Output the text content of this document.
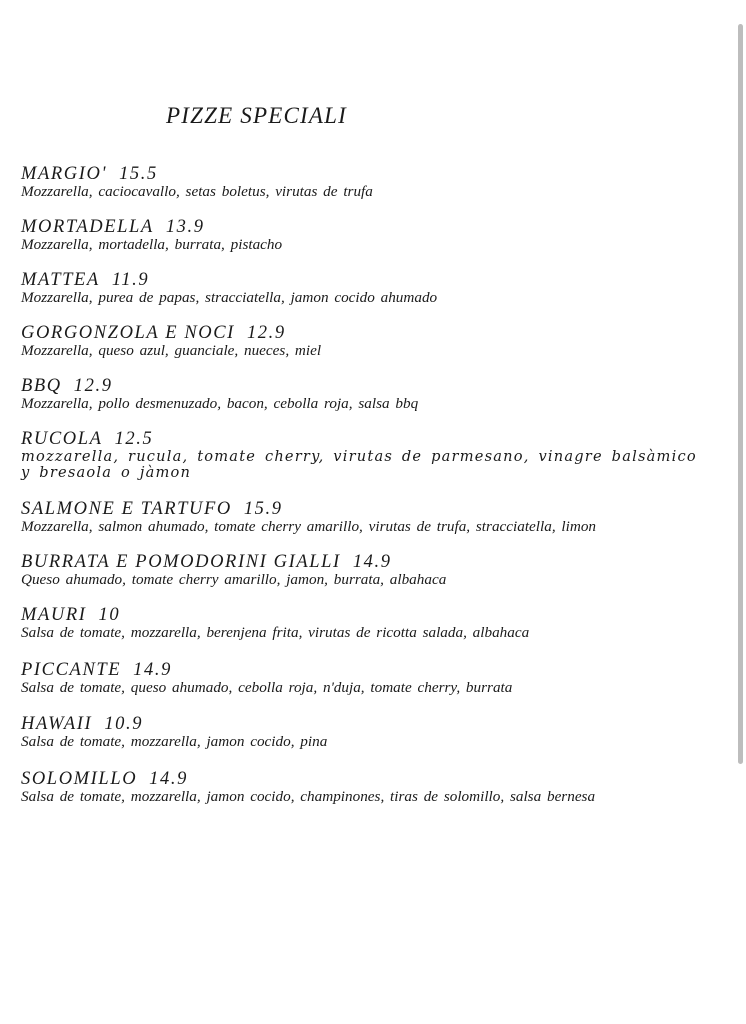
PIZZE SPECIALI
MARGIO' 15.5
Mozzarella, caciocavallo, setas boletus, virutas de trufa
MORTADELLA 13.9
Mozzarella, mortadella, burrata, pistacho
MATTEA 11.9
Mozzarella, purea de papas, stracciatella, jamon cocido ahumado
GORGONZOLA E NOCI 12.9
Mozzarella, queso azul, guanciale, nueces, miel
BBQ 12.9
Mozzarella, pollo desmenuzado, bacon, cebolla roja, salsa bbq
RUCOLA 12.5
mozzarella, rucula, tomate cherry, virutas de parmesano, vinagre balsàmico y bresaola o jàmon
SALMONE E TARTUFO 15.9
Mozzarella, salmon ahumado, tomate cherry amarillo, virutas de trufa, stracciatella, limon
BURRATA E POMODORINI GIALLI 14.9
Queso ahumado, tomate cherry amarillo, jamon, burrata, albahaca
MAURI 10
Salsa de tomate, mozzarella, berenjena frita, virutas de ricotta salada, albahaca
PICCANTE 14.9
Salsa de tomate, queso ahumado, cebolla roja, n'duja, tomate cherry, burrata
HAWAII 10.9
Salsa de tomate, mozzarella, jamon cocido, pina
SOLOMILLO 14.9
Salsa de tomate, mozzarella, jamon cocido, champinones, tiras de solomillo, salsa bernesa
